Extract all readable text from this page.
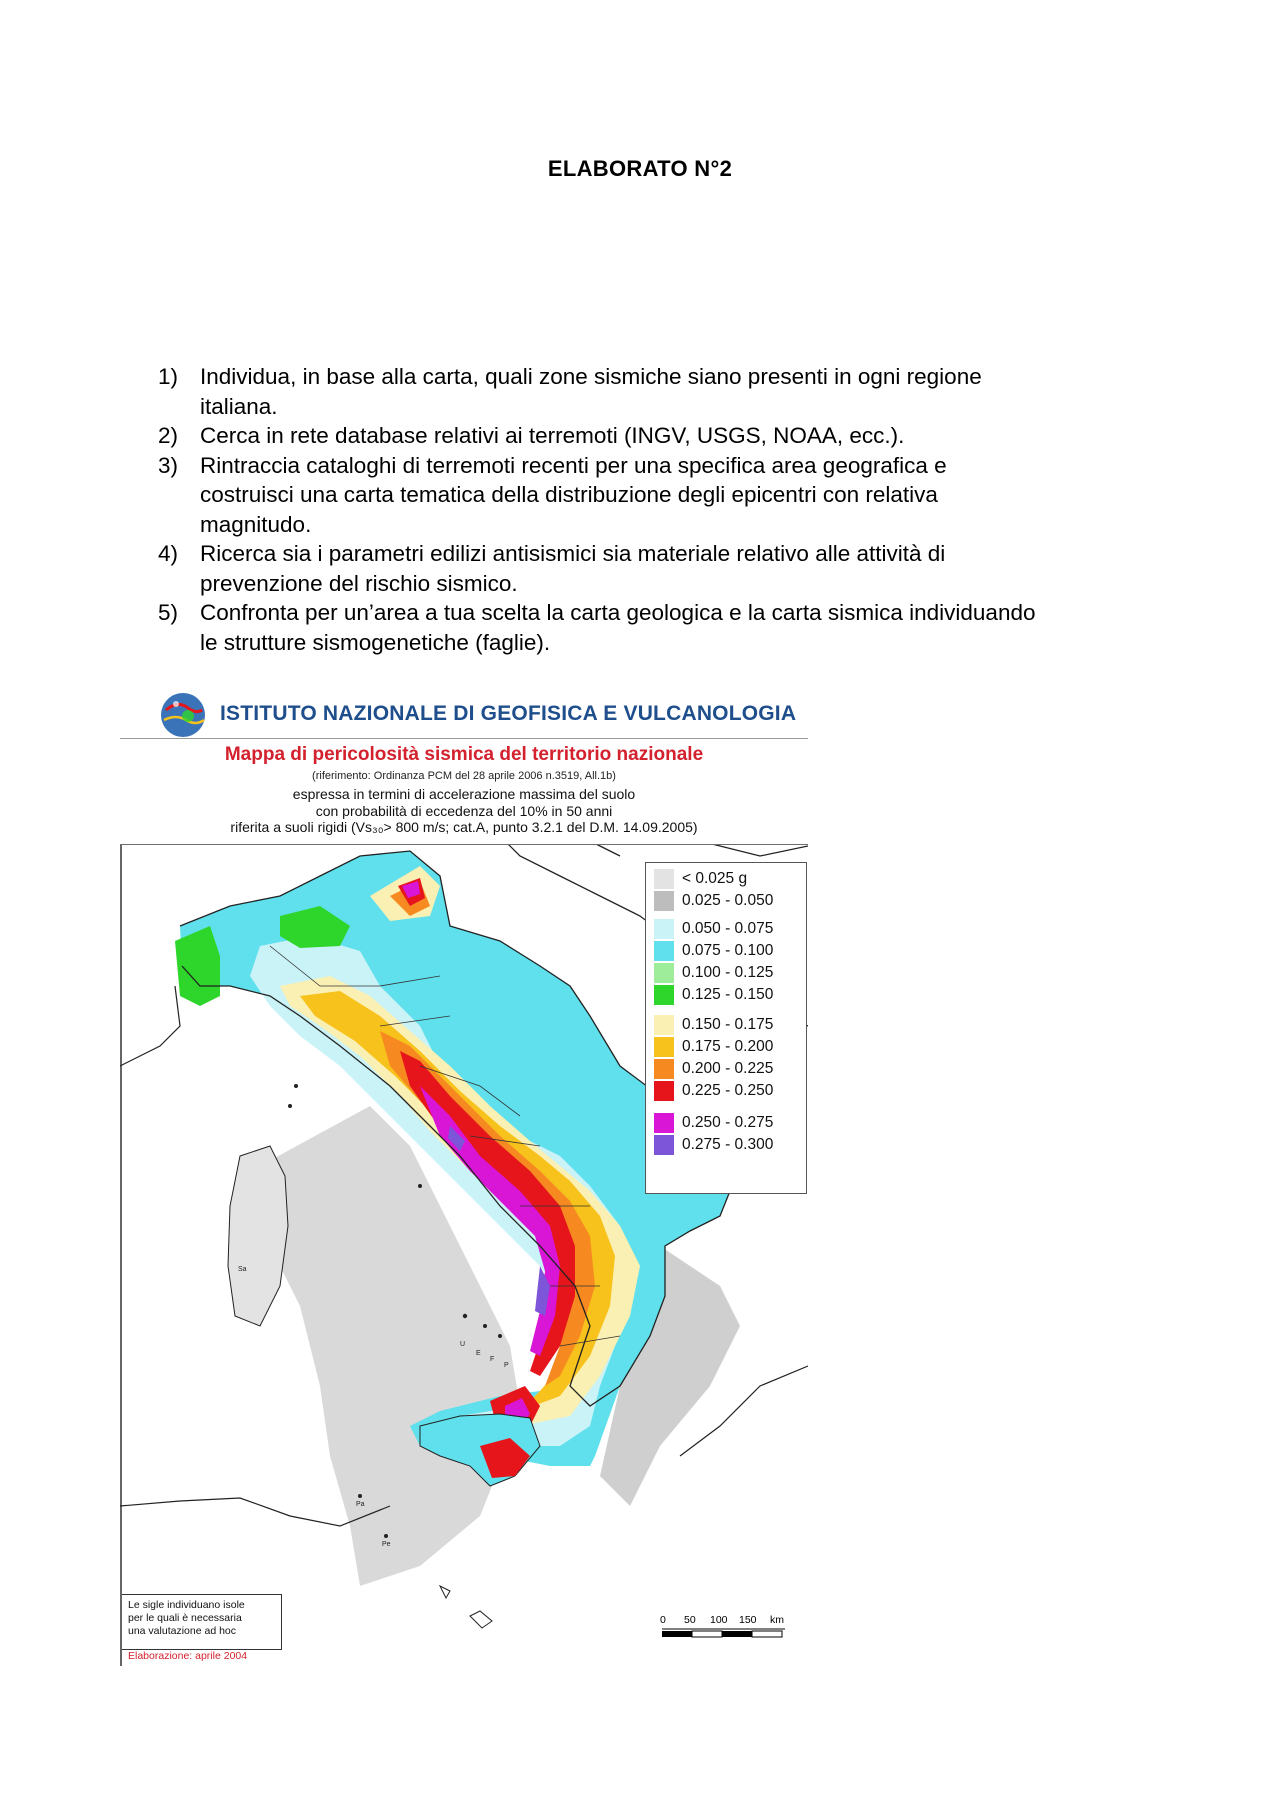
ELABORATO N°2
1) Individua, in base alla carta, quali zone sismiche siano presenti in ogni regione
italiana.
2) Cerca in rete database relativi ai terremoti (INGV, USGS, NOAA, ecc.).
3) Rintraccia cataloghi di terremoti recenti per una specifica area geografica e
costruisci una carta tematica della distribuzione degli epicentri con relativa
magnitudo.
4) Ricerca sia i parametri edilizi antisismici sia materiale relativo alle attività di
prevenzione del rischio sismico.
5) Confronta per un’area a tua scelta la carta geologica e la carta sismica individuando
le strutture sismogenetiche (faglie).
ISTITUTO NAZIONALE DI GEOFISICA E VULCANOLOGIA
Mappa di pericolosità sismica del territorio nazionale
(riferimento: Ordinanza PCM del 28 aprile 2006 n.3519, All.1b)
espressa in termini di accelerazione massima del suolo
con probabilità di eccedenza del 10% in 50 anni
riferita a suoli rigidi (Vs₃₀> 800 m/s; cat.A, punto 3.2.1 del D.M. 14.09.2005)
< 0.025 g
0.025 - 0.050
0.050 - 0.075
0.075 - 0.100
0.100 - 0.125
0.125 - 0.150
0.150 - 0.175
0.175 - 0.200
0.200 - 0.225
0.225 - 0.250
0.250 - 0.275
0.275 - 0.300
Sa
U
E
F
P
Pa
Pe
Le sigle individuano isole
per le quali è necessaria
una valutazione ad hoc
Elaborazione: aprile 2004
0 50 100 150 km
